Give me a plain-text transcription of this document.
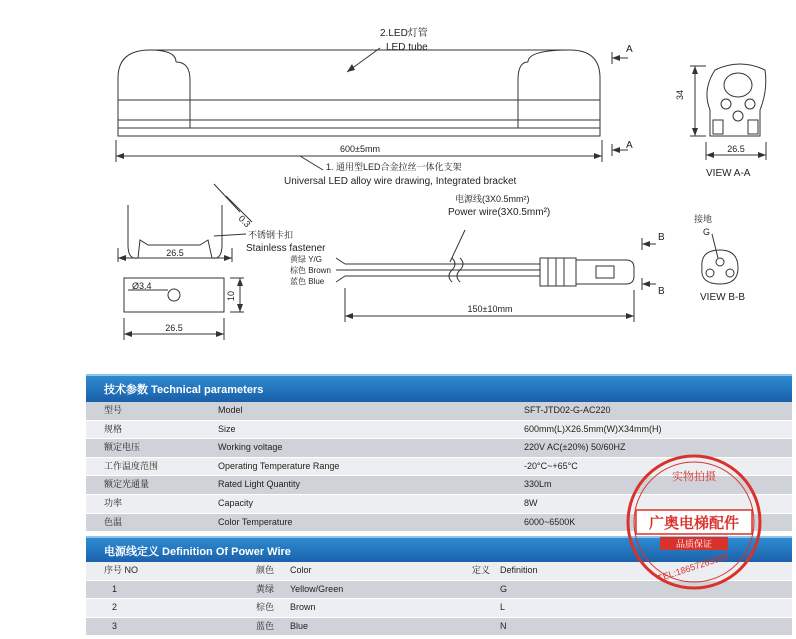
2.LED灯管
LED tube
600±5mm
1. 通用型LED合金拉丝一体化支架
Universal LED alloy wire drawing, Integrated bracket
A
A
34
26.5
VIEW A-A
0.3
不锈钢卡扣
Stainless fastener
26.5
Ø3.4
10
26.5
电源线(3X0.5mm²)
Power wire(3X0.5mm²)
黄绿 Y/G
棕色 Brown
蓝色 Blue
150±10mm
B
B
接地
G
VIEW B-B
技术参数 Technical parameters
型号	Model	SFT-JTD02-G-AC220
规格	Size	600mm(L)X26.5mm(W)X34mm(H)
额定电压	Working voltage	220V AC(±20%) 50/60HZ
工作温度范围	Operating Temperature Range	-20°C~+65°C
额定光通量	Rated Light Quantity	330Lm
功率	Capacity	8W
色温	Color Temperature	6000~6500K
电源线定义 Definition Of Power Wire
序号 NO	颜色 Color	定义 Definition
1	黄绿 Yellow/Green	G
2	棕色 Brown	L
3	蓝色 Blue	N
实物拍摄
广奥电梯配件
品质保证
TEL:18657265085
